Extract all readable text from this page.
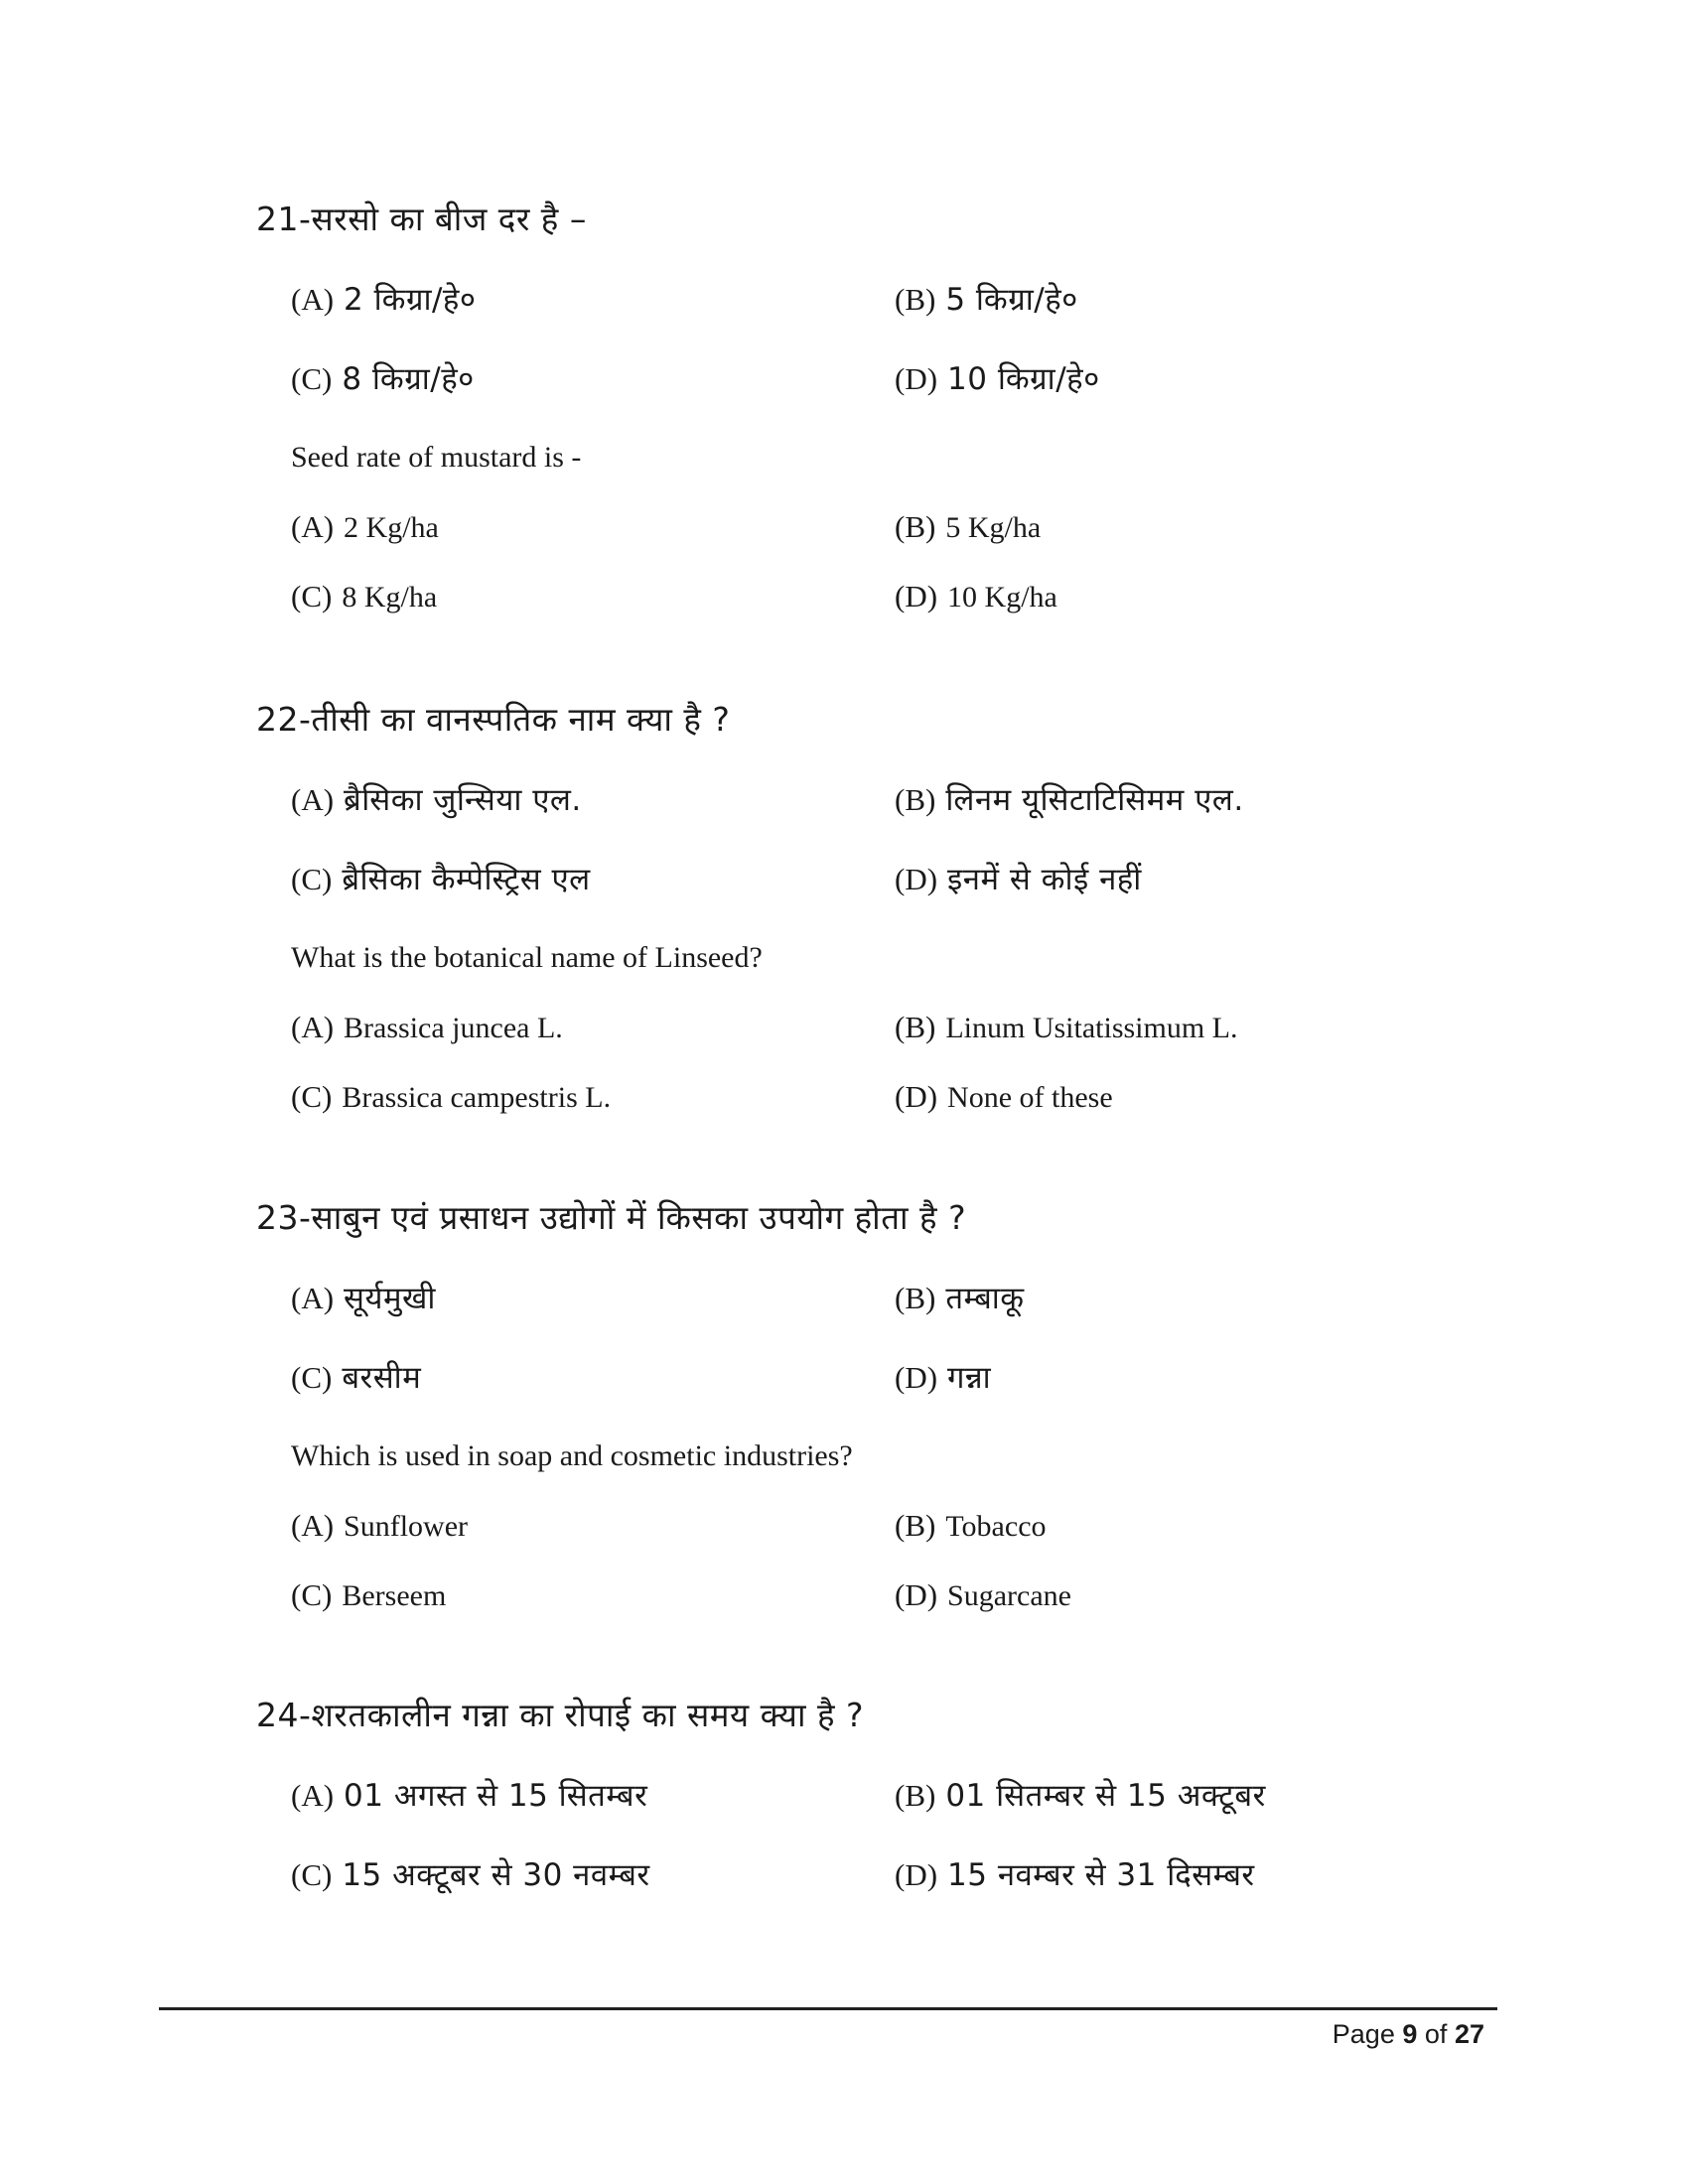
21-सरसो का बीज दर है –
(A) 2 किग्रा/हे०	(B) 5 किग्रा/हे०
(C) 8 किग्रा/हे०	(D) 10 किग्रा/हे०
Seed rate of mustard is -
(A) 2 Kg/ha	(B) 5 Kg/ha
(C) 8 Kg/ha	(D) 10 Kg/ha
22-तीसी का वानस्पतिक नाम क्या है ?
(A) ब्रैसिका जुन्सिया एल.	(B) लिनम यूसिटाटिसिमम एल.
(C) ब्रैसिका कैम्पेस्ट्रिस एल	(D) इनमें से कोई नहीं
What is the botanical name of Linseed?
(A) Brassica juncea L.	(B) Linum Usitatissimum L.
(C) Brassica campestris L.	(D) None of these
23-साबुन एवं प्रसाधन उद्योगों में किसका उपयोग होता है ?
(A) सूर्यमुखी	(B) तम्बाकू
(C) बरसीम	(D) गन्ना
Which is used in soap and cosmetic industries?
(A) Sunflower	(B) Tobacco
(C) Berseem	(D) Sugarcane
24-शरतकालीन गन्ना का रोपाई का समय क्या है ?
(A) 01 अगस्त से 15 सितम्बर	(B) 01 सितम्बर से 15 अक्टूबर
(C) 15 अक्टूबर से 30 नवम्बर	(D) 15 नवम्बर से 31 दिसम्बर
Page 9 of 27
